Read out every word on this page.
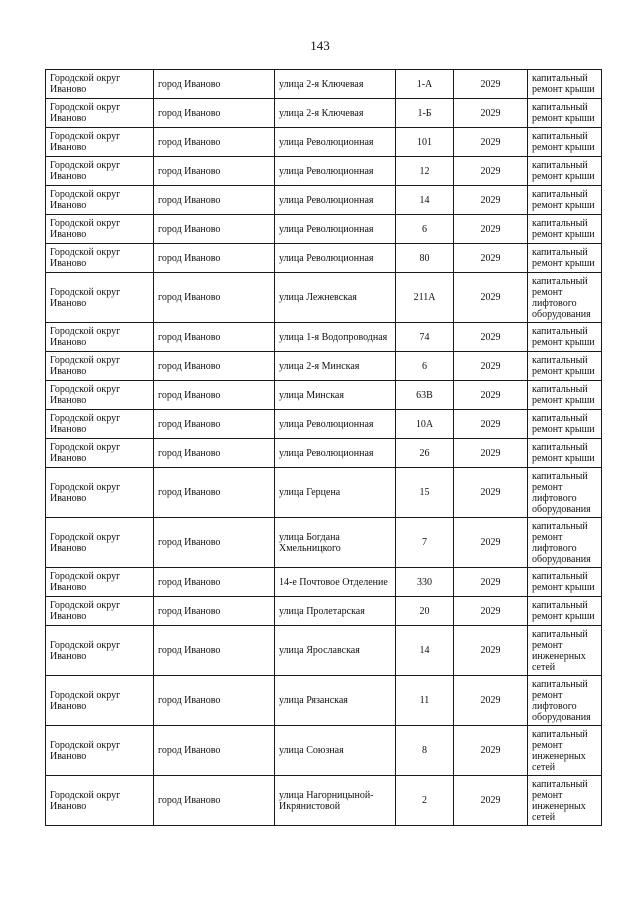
143
Городской округ Иваново	город Иваново	улица 2-я Ключевая	1-А	2029	капитальный ремонт крыши
Городской округ Иваново	город Иваново	улица 2-я Ключевая	1-Б	2029	капитальный ремонт крыши
Городской округ Иваново	город Иваново	улица Революционная	101	2029	капитальный ремонт крыши
Городской округ Иваново	город Иваново	улица Революционная	12	2029	капитальный ремонт крыши
Городской округ Иваново	город Иваново	улица Революционная	14	2029	капитальный ремонт крыши
Городской округ Иваново	город Иваново	улица Революционная	6	2029	капитальный ремонт крыши
Городской округ Иваново	город Иваново	улица Революционная	80	2029	капитальный ремонт крыши
Городской округ Иваново	город Иваново	улица Лежневская	211А	2029	капитальный ремонт лифтового оборудования
Городской округ Иваново	город Иваново	улица 1-я Водопроводная	74	2029	капитальный ремонт крыши
Городской округ Иваново	город Иваново	улица 2-я Минская	6	2029	капитальный ремонт крыши
Городской округ Иваново	город Иваново	улица Минская	63В	2029	капитальный ремонт крыши
Городской округ Иваново	город Иваново	улица Революционная	10А	2029	капитальный ремонт крыши
Городской округ Иваново	город Иваново	улица Революционная	26	2029	капитальный ремонт крыши
Городской округ Иваново	город Иваново	улица Герцена	15	2029	капитальный ремонт лифтового оборудования
Городской округ Иваново	город Иваново	улица Богдана Хмельницкого	7	2029	капитальный ремонт лифтового оборудования
Городской округ Иваново	город Иваново	14-е Почтовое Отделение	330	2029	капитальный ремонт крыши
Городской округ Иваново	город Иваново	улица Пролетарская	20	2029	капитальный ремонт крыши
Городской округ Иваново	город Иваново	улица Ярославская	14	2029	капитальный ремонт инженерных сетей
Городской округ Иваново	город Иваново	улица Рязанская	11	2029	капитальный ремонт лифтового оборудования
Городской округ Иваново	город Иваново	улица Союзная	8	2029	капитальный ремонт инженерных сетей
Городской округ Иваново	город Иваново	улица Нагорницыной-Икрянистовой	2	2029	капитальный ремонт инженерных сетей
